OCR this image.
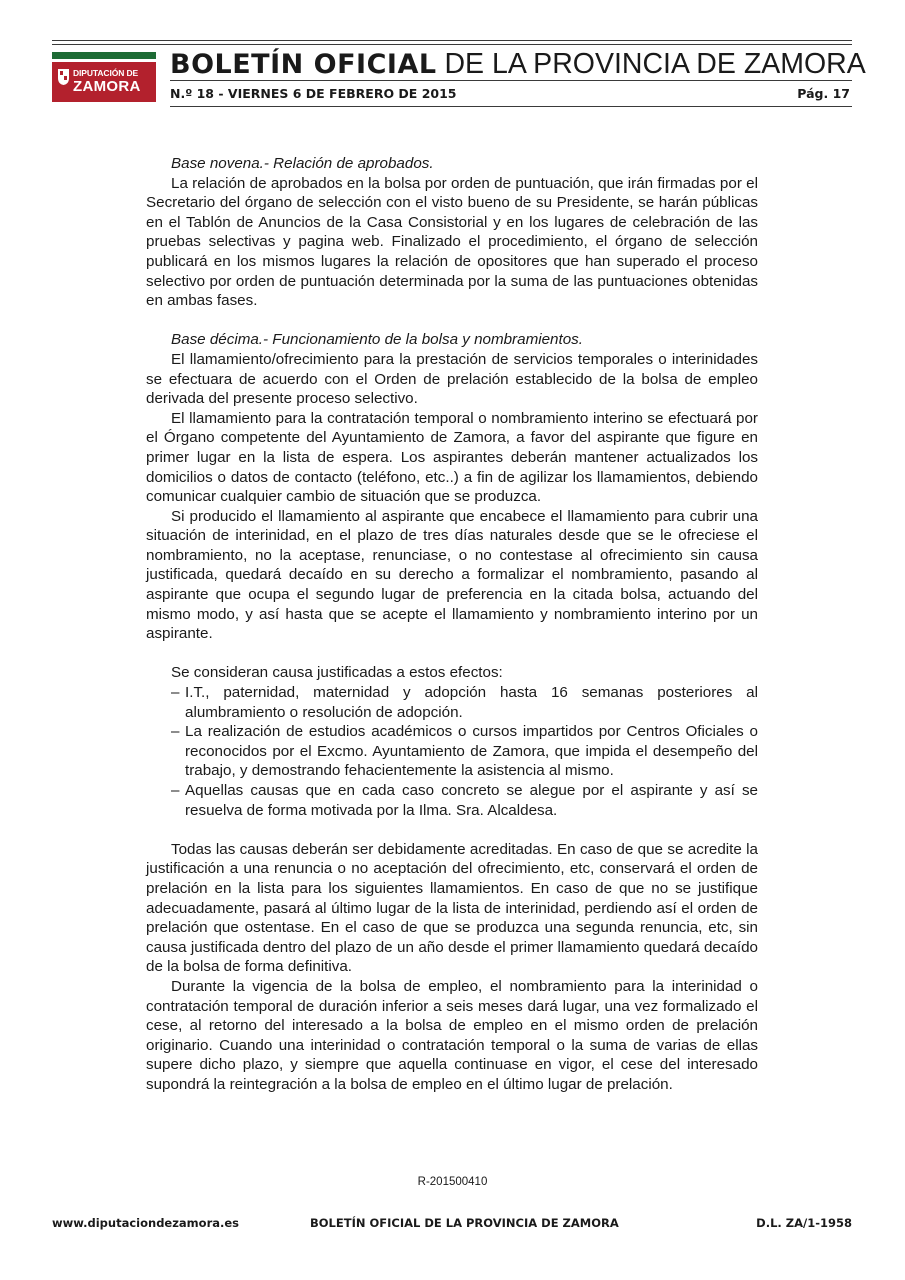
DIPUTACIÓN DE
ZAMORA
BOLETÍN OFICIAL DE LA PROVINCIA DE ZAMORA
N.º 18 - VIERNES 6 DE FEBRERO DE 2015	Pág. 17

Base novena.- Relación de aprobados.

La relación de aprobados en la bolsa por orden de puntuación, que irán firmadas por el Secretario del órgano de selección con el visto bueno de su Presidente, se harán públicas en el Tablón de Anuncios de la Casa Consistorial y en los lugares de celebración de las pruebas selectivas y pagina web. Finalizado el procedimiento, el órgano de selección publicará en los mismos lugares la relación de opositores que han superado el proceso selectivo por orden de puntuación determinada por la suma de las puntuaciones obtenidas en ambas fases.

Base décima.- Funcionamiento de la bolsa y nombramientos.

El llamamiento/ofrecimiento para la prestación de servicios temporales o interinidades se efectuara de acuerdo con el Orden de prelación establecido de la bolsa de empleo derivada del presente proceso selectivo.

El llamamiento para la contratación temporal o nombramiento interino se efectuará por el Órgano competente del Ayuntamiento de Zamora, a favor del aspirante que figure en primer lugar en la lista de espera. Los aspirantes deberán mantener actualizados los domicilios o datos de contacto (teléfono, etc..) a fin de agilizar los llamamientos, debiendo comunicar cualquier cambio de situación que se produzca.

Si producido el llamamiento al aspirante que encabece el llamamiento para cubrir una situación de interinidad, en el plazo de tres días naturales desde que se le ofreciese el nombramiento, no la aceptase, renunciase, o no contestase al ofrecimiento sin causa justificada, quedará decaído en su derecho a formalizar el nombramiento, pasando al aspirante que ocupa el segundo lugar de preferencia en la citada bolsa, actuando del mismo modo, y así hasta que se acepte el llamamiento y nombramiento interino por un aspirante.

Se consideran causa justificadas a estos efectos:

– I.T., paternidad, maternidad y adopción hasta 16 semanas posteriores al alumbramiento o resolución de adopción.
– La realización de estudios académicos o cursos impartidos por Centros Oficiales o reconocidos por el Excmo. Ayuntamiento de Zamora, que impida el desempeño del trabajo, y demostrando fehacientemente la asistencia al mismo.
– Aquellas causas que en cada caso concreto se alegue por el aspirante y así se resuelva de forma motivada por la Ilma. Sra. Alcaldesa.

Todas las causas deberán ser debidamente acreditadas. En caso de que se acredite la justificación a una renuncia o no aceptación del ofrecimiento, etc, conservará el orden de prelación en la lista para los siguientes llamamientos. En caso de que no se justifique adecuadamente, pasará al último lugar de la lista de interinidad, perdiendo así el orden de prelación que ostentase. En el caso de que se produzca una segunda renuncia, etc, sin causa justificada dentro del plazo de un año desde el primer llamamiento quedará decaído de la bolsa de forma definitiva.

Durante la vigencia de la bolsa de empleo, el nombramiento para la interinidad o contratación temporal de duración inferior a seis meses dará lugar, una vez formalizado el cese, al retorno del interesado a la bolsa de empleo en el mismo orden de prelación originario. Cuando una interinidad o contratación temporal o la suma de varias de ellas supere dicho plazo, y siempre que aquella continuase en vigor, el cese del interesado supondrá la reintegración a la bolsa de empleo en el último lugar de prelación.

R-201500410
www.diputaciondezamora.es	BOLETÍN OFICIAL DE LA PROVINCIA DE ZAMORA	D.L. ZA/1-1958
